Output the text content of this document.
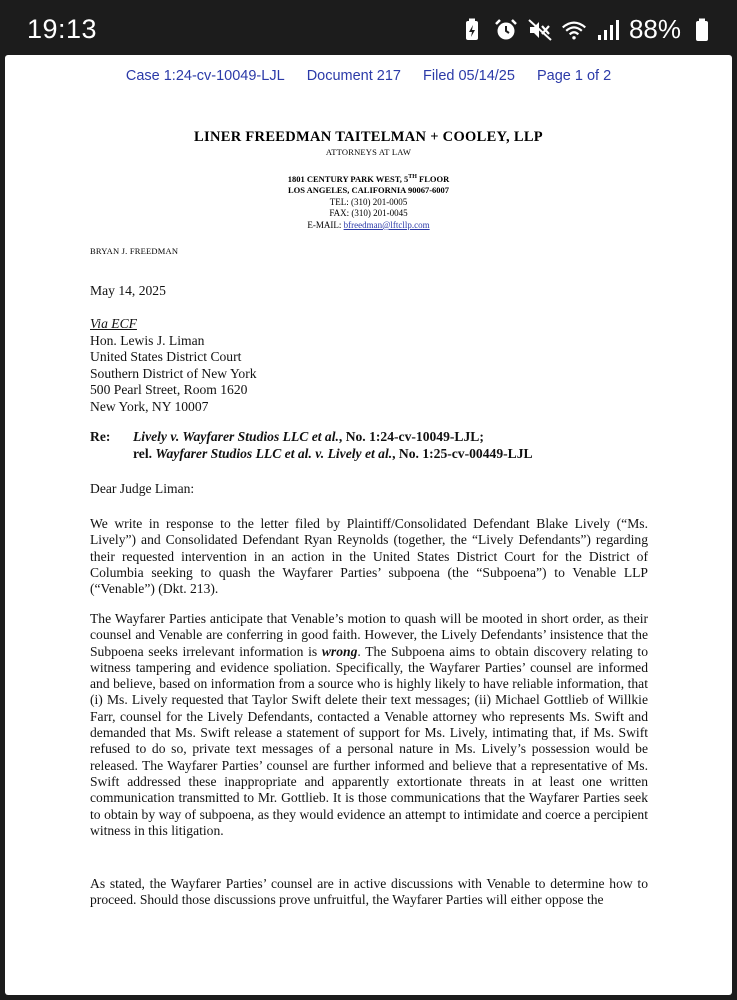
19:13	88%
Case 1:24-cv-10049-LJL Document 217 Filed 05/14/25 Page 1 of 2
LINER FREEDMAN TAITELMAN + COOLEY, LLP
ATTORNEYS AT LAW
1801 CENTURY PARK WEST, 5TH FLOOR
LOS ANGELES, CALIFORNIA 90067-6007
TEL: (310) 201-0005
FAX: (310) 201-0045
E-MAIL: bfreedman@lftcllp.com
BRYAN J. FREEDMAN
May 14, 2025
Via ECF
Hon. Lewis J. Liman
United States District Court
Southern District of New York
500 Pearl Street, Room 1620
New York, NY 10007
Re: Lively v. Wayfarer Studios LLC et al., No. 1:24-cv-10049-LJL;
rel. Wayfarer Studios LLC et al. v. Lively et al., No. 1:25-cv-00449-LJL
Dear Judge Liman:

We write in response to the letter filed by Plaintiff/Consolidated Defendant Blake Lively (“Ms. Lively”) and Consolidated Defendant Ryan Reynolds (together, the “Lively Defendants”) regarding their requested intervention in an action in the United States District Court for the District of Columbia seeking to quash the Wayfarer Parties’ subpoena (the “Subpoena”) to Venable LLP (“Venable”) (Dkt. 213).

The Wayfarer Parties anticipate that Venable’s motion to quash will be mooted in short order, as their counsel and Venable are conferring in good faith. However, the Lively Defendants’ insistence that the Subpoena seeks irrelevant information is wrong. The Subpoena aims to obtain discovery relating to witness tampering and evidence spoliation. Specifically, the Wayfarer Parties’ counsel are informed and believe, based on information from a source who is highly likely to have reliable information, that (i) Ms. Lively requested that Taylor Swift delete their text messages; (ii) Michael Gottlieb of Willkie Farr, counsel for the Lively Defendants, contacted a Venable attorney who represents Ms. Swift and demanded that Ms. Swift release a statement of support for Ms. Lively, intimating that, if Ms. Swift refused to do so, private text messages of a personal nature in Ms. Lively’s possession would be released. The Wayfarer Parties’ counsel are further informed and believe that a representative of Ms. Swift addressed these inappropriate and apparently extortionate threats in at least one written communication transmitted to Mr. Gottlieb. It is those communications that the Wayfarer Parties seek to obtain by way of subpoena, as they would evidence an attempt to intimidate and coerce a percipient witness in this litigation.

As stated, the Wayfarer Parties’ counsel are in active discussions with Venable to determine how to proceed. Should those discussions prove unfruitful, the Wayfarer Parties will either oppose the
